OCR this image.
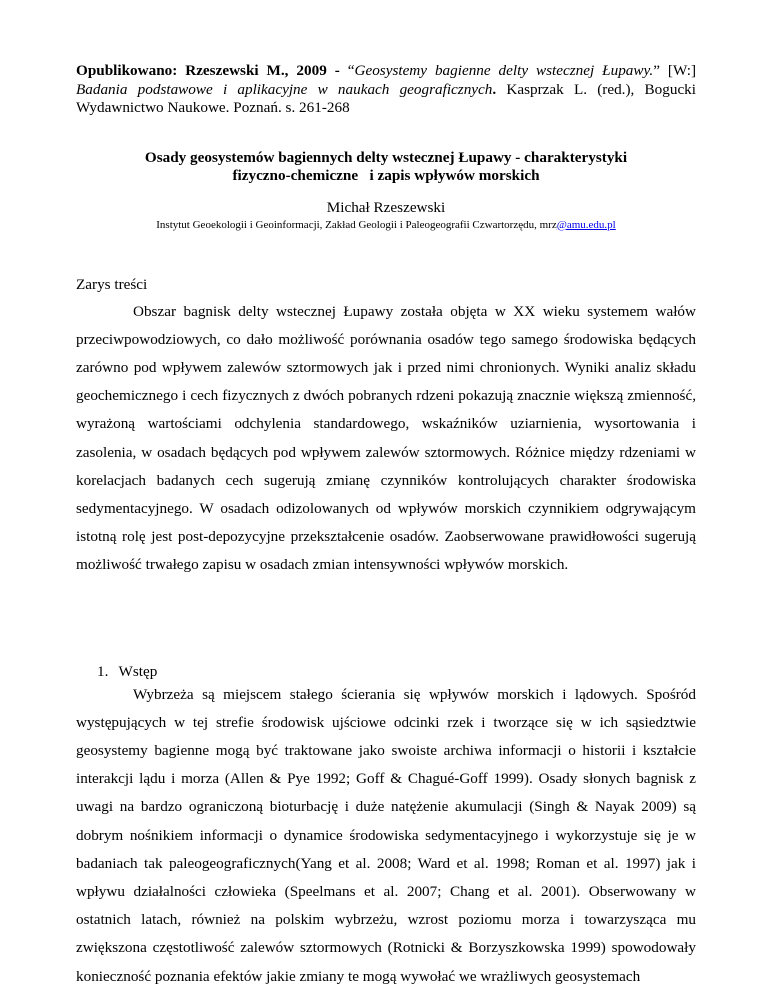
Opublikowano: Rzeszewski M., 2009 - “Geosystemy bagienne delty wstecznej Łupawy.” [W:] Badania podstawowe i aplikacyjne w naukach geograficznych. Kasprzak L. (red.), Bogucki Wydawnictwo Naukowe. Poznań. s. 261-268

Osady geosystemów bagiennych delty wstecznej Łupawy - charakterystyki
fizyczno-chemiczne   i zapis wpływów morskich
Michał Rzeszewski
Instytut Geoekologii i Geoinformacji, Zakład Geologii i Paleogeografii Czwartorzędu, mrz@amu.edu.pl
Zarys treści

Obszar bagnisk delty wstecznej Łupawy została objęta w XX wieku systemem wałów przeciwpowodziowych, co dało możliwość porównania osadów tego samego środowiska będących zarówno pod wpływem zalewów sztormowych jak i przed nimi chronionych. Wyniki analiz składu geochemicznego i cech fizycznych z dwóch pobranych rdzeni pokazują znacznie większą zmienność, wyrażoną wartościami odchylenia standardowego, wskaźników uziarnienia, wysortowania i zasolenia, w osadach będących pod wpływem zalewów sztormowych. Różnice między rdzeniami w korelacjach badanych cech sugerują zmianę czynników kontrolujących charakter środowiska sedymentacyjnego. W osadach odizolowanych od wpływów morskich czynnikiem odgrywającym istotną rolę jest post-depozycyjne przekształcenie osadów. Zaobserwowane prawidłowości sugerują możliwość trwałego zapisu w osadach zmian intensywności wpływów morskich.

1. Wstęp

Wybrzeża są miejscem stałego ścierania się wpływów morskich i lądowych. Spośród występujących w tej strefie środowisk ujściowe odcinki rzek i tworzące się w ich sąsiedztwie geosystemy bagienne mogą być traktowane jako swoiste archiwa informacji o historii i kształcie interakcji lądu i morza (Allen & Pye 1992; Goff & Chagué-Goff 1999). Osady słonych bagnisk z uwagi na bardzo ograniczoną bioturbację i duże natężenie akumulacji (Singh & Nayak 2009) są dobrym nośnikiem informacji o dynamice środowiska sedymentacyjnego i wykorzystuje się je w badaniach tak paleogeograficznych(Yang et al. 2008; Ward et al. 1998; Roman et al. 1997) jak i wpływu działalności człowieka (Speelmans et al. 2007; Chang et al. 2001). Obserwowany w ostatnich latach, również na polskim wybrzeżu, wzrost poziomu morza i towarzysząca mu zwiększona częstotliwość zalewów sztormowych (Rotnicki & Borzyszkowska 1999) spowodowały konieczność poznania efektów jakie zmiany te mogą wywołać we wrażliwych geosystemach
